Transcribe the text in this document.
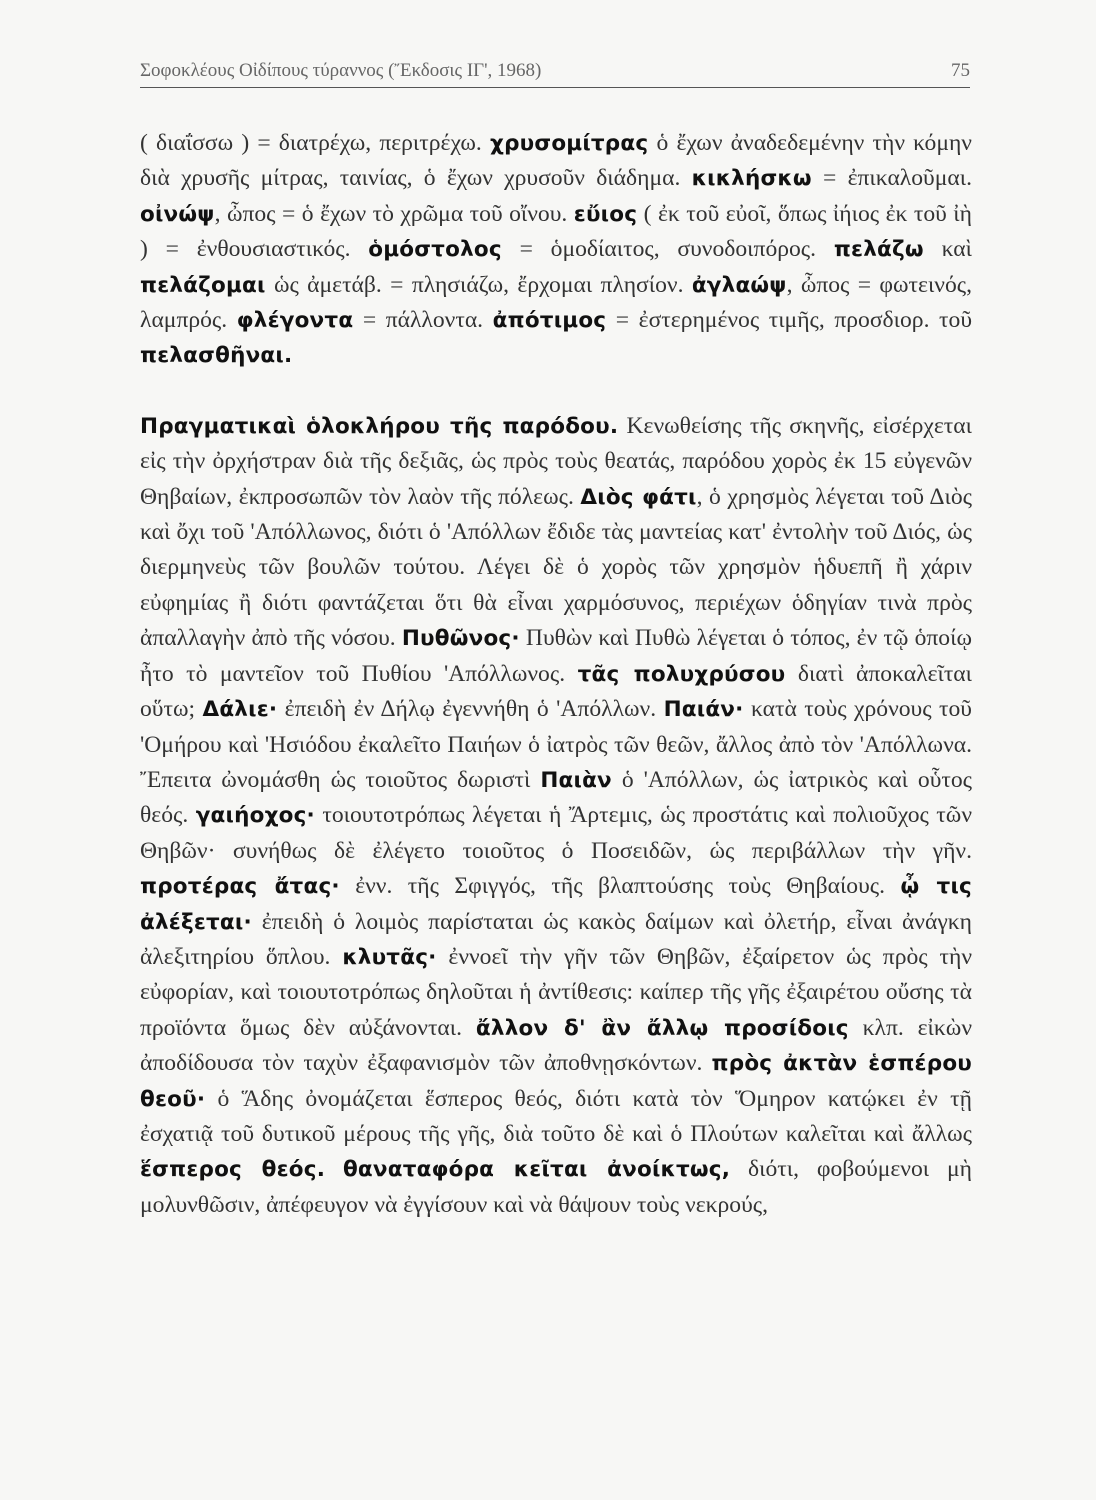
Σοφοκλέους Οἰδίπους τύραννος (Ἔκδοσις ΙΓ', 1968)	75

( διαΐσσω ) = διατρέχω, περιτρέχω. χρυσομίτρας ὁ ἔχων ἀναδεδεμένην τὴν κόμην διὰ χρυσῆς μίτρας, ταινίας, ὁ ἔχων χρυσοῦν διάδημα. κικλήσκω = ἐπικαλοῦμαι. οἰνώψ, ὦπος = ὁ ἔχων τὸ χρῶμα τοῦ οἴνου. εὔιος ( ἐκ τοῦ εὐοῖ, ὅπως ἰήιος ἐκ τοῦ ἰὴ ) = ἐνθουσιαστικός. ὁμόστολος = ὁμοδίαιτος, συνοδοιπόρος. πελάζω καὶ πελάζομαι ὡς ἀμετάβ. = πλησιάζω, ἔρχομαι πλησίον. ἀγλαώψ, ὦπος = φωτεινός, λαμπρός. φλέγοντα = πάλλοντα. ἀπότιμος = ἐστερημένος τιμῆς, προσδιορ. τοῦ πελασθῆναι.

Πραγματικαὶ ὁλοκλήρου τῆς παρόδου. Κενωθείσης τῆς σκηνῆς, εἰσέρχεται εἰς τὴν ὀρχήστραν διὰ τῆς δεξιᾶς, ὡς πρὸς τοὺς θεατάς, παρόδου χορὸς ἐκ 15 εὐγενῶν Θηβαίων, ἐκπροσωπῶν τὸν λαὸν τῆς πόλεως. Διὸς φάτι, ὁ χρησμὸς λέγεται τοῦ Διὸς καὶ ὄχι τοῦ 'Απόλλωνος, διότι ὁ 'Απόλλων ἔδιδε τὰς μαντείας κατ' ἐντολὴν τοῦ Διός, ὡς διερμηνεὺς τῶν βουλῶν τούτου. Λέγει δὲ ὁ χορὸς τῶν χρησμὸν ἡδυεπῆ ἢ χάριν εὐφημίας ἢ διότι φαντάζεται ὅτι θὰ εἶναι χαρμόσυνος, περιέχων ὁδηγίαν τινὰ πρὸς ἀπαλλαγὴν ἀπὸ τῆς νόσου. Πυθῶνος· Πυθὼν καὶ Πυθὼ λέγεται ὁ τόπος, ἐν τῷ ὁποίῳ ἦτο τὸ μαντεῖον τοῦ Πυθίου 'Απόλλωνος. τᾶς πολυχρύσου διατὶ ἀποκαλεῖται οὕτω; Δάλιε· ἐπειδὴ ἐν Δήλῳ ἐγεννήθη ὁ 'Απόλλων. Παιάν· κατὰ τοὺς χρόνους τοῦ 'Ομήρου καὶ 'Ησιόδου ἐκαλεῖτο Παιήων ὁ ἰατρὸς τῶν θεῶν, ἄλλος ἀπὸ τὸν 'Απόλλωνα. Ἔπειτα ὠνομάσθη ὡς τοιοῦτος δωριστὶ Παιὰν ὁ 'Απόλλων, ὡς ἰατρικὸς καὶ οὗτος θεός. γαιήοχος· τοιουτοτρόπως λέγεται ἡ Ἄρτεμις, ὡς προστάτις καὶ πολιοῦχος τῶν Θηβῶν· συνήθως δὲ ἐλέγετο τοιοῦτος ὁ Ποσειδῶν, ὡς περιβάλλων τὴν γῆν. προτέρας ἄτας· ἐνν. τῆς Σφιγγός, τῆς βλαπτούσης τοὺς Θηβαίους. ᾦ τις ἀλέξεται· ἐπειδὴ ὁ λοιμὸς παρίσταται ὡς κακὸς δαίμων καὶ ὀλετήρ, εἶναι ἀνάγκη ἀλεξιτηρίου ὅπλου. κλυτᾶς· ἐννοεῖ τὴν γῆν τῶν Θηβῶν, ἐξαίρετον ὡς πρὸς τὴν εὐφορίαν, καὶ τοιουτοτρόπως δηλοῦται ἡ ἀντίθεσις: καίπερ τῆς γῆς ἐξαιρέτου οὔσης τὰ προϊόντα ὅμως δὲν αὐξάνονται. ἄλλον δ' ἂν ἄλλῳ προσίδοις κλπ. εἰκὼν ἀποδίδουσα τὸν ταχὺν ἐξαφανισμὸν τῶν ἀποθνῃσκόντων. πρὸς ἀκτὰν ἑσπέρου θεοῦ· ὁ Ἅδης ὀνομάζεται ἕσπερος θεός, διότι κατὰ τὸν Ὅμηρον κατῴκει ἐν τῇ ἐσχατιᾷ τοῦ δυτικοῦ μέρους τῆς γῆς, διὰ τοῦτο δὲ καὶ ὁ Πλούτων καλεῖται καὶ ἄλλως ἕσπερος θεός. θαναταφόρα κεῖται ἀνοίκτως, διότι, φοβούμενοι μὴ μολυνθῶσιν, ἀπέφευγον νὰ ἐγγίσουν καὶ νὰ θάψουν τοὺς νεκρούς,
